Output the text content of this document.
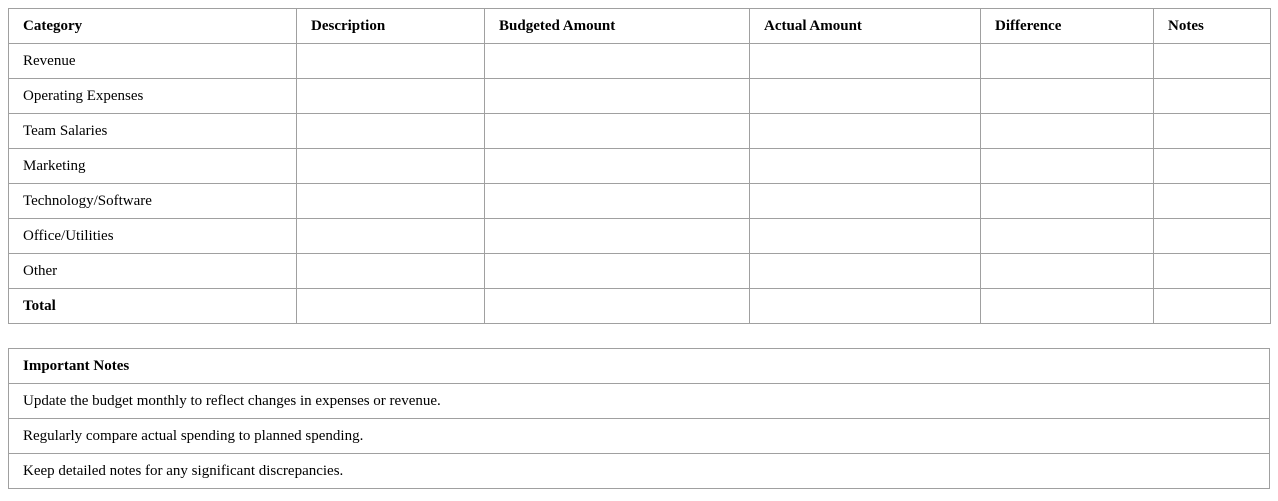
Category	Description	Budgeted Amount	Actual Amount	Difference	Notes
Revenue					
Operating Expenses					
Team Salaries					
Marketing					
Technology/Software					
Office/Utilities					
Other					
Total					
Important Notes
Update the budget monthly to reflect changes in expenses or revenue.
Regularly compare actual spending to planned spending.
Keep detailed notes for any significant discrepancies.
